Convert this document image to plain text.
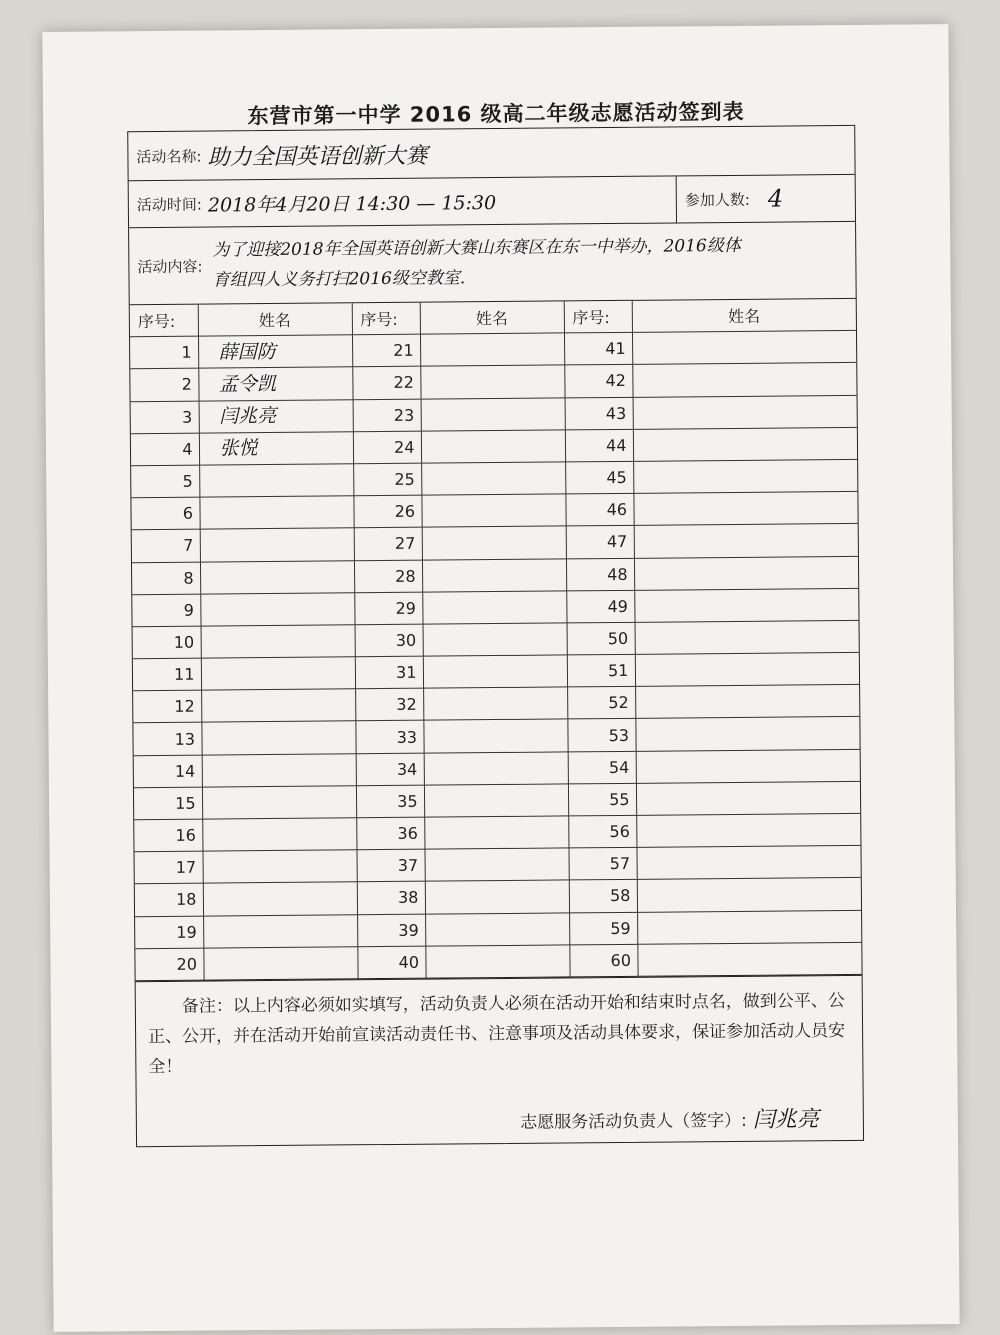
东营市第一中学 2016 级高二年级志愿活动签到表
活动名称: 助力全国英语创新大赛
活动时间: 2018年4月20日 14:30 — 15:30	参加人数: 4
活动内容:
为了迎接2018年全国英语创新大赛山东赛区在东一中举办，2016级体育组四人义务打扫2016级空教室.
序号:	姓名	序号:	姓名	序号:	姓名
1	薛国防	21		41	
2	孟令凯	22		42	
3	闫兆亮	23		43	
4	张悦	24		44	
5		25		45	
6		26		46	
7		27		47	
8		28		48	
9		29		49	
10		30		50	
11		31		51	
12		32		52	
13		33		53	
14		34		54	
15		35		55	
16		36		56	
17		37		57	
18		38		58	
19		39		59	
20		40		60	

备注：以上内容必须如实填写，活动负责人必须在活动开始和结束时点名，做到公平、公正、公开，并在活动开始前宣读活动责任书、注意事项及活动具体要求，保证参加活动人员安全！

志愿服务活动负责人（签字）: 闫兆亮
